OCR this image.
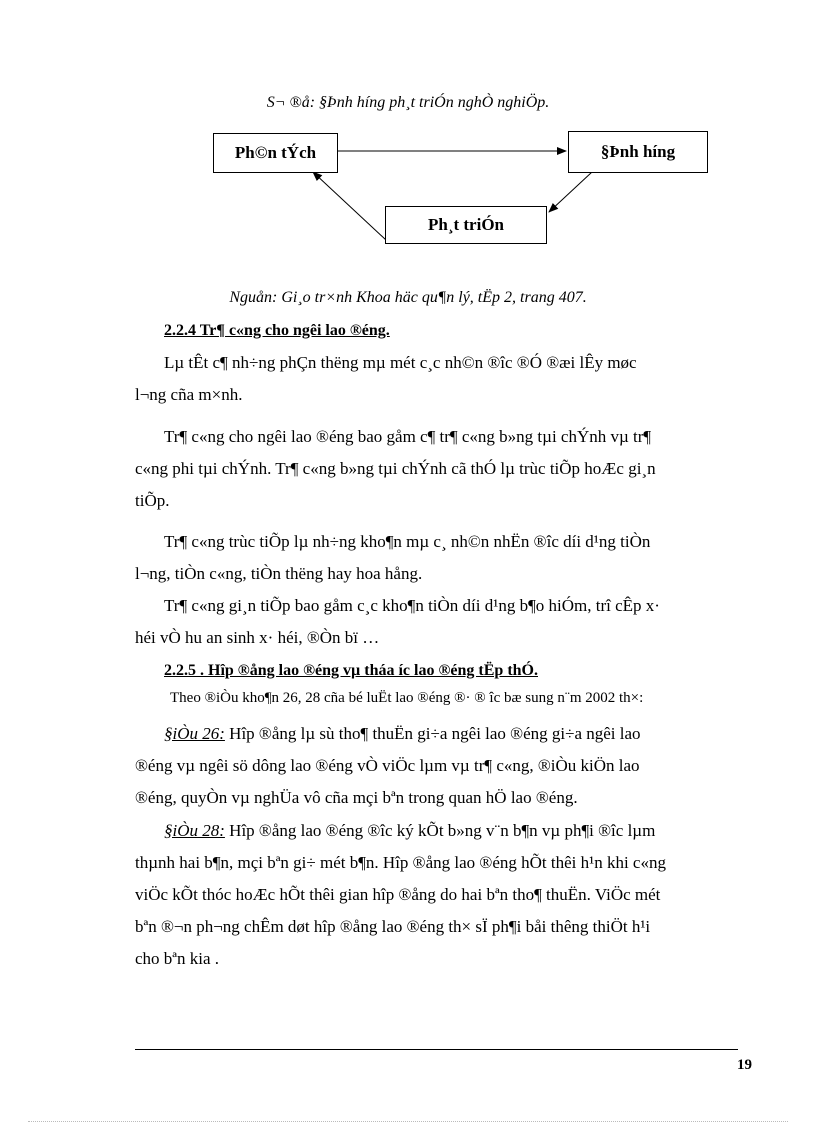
S¬ ®å: §Þnh híng ph¸t triÓn nghÒ nghiÖp.
Ph©n tÝch	§Þnh híng
Ph¸t triÓn
Nguån: Gi¸o tr×nh Khoa häc qu¶n lý, tËp 2, trang 407.
2.2.4 Tr¶ c«ng cho ngêi lao ®éng.
Lµ tÊt c¶ nh÷ng phÇn thëng mµ mét c¸c nh©n ®îc ®Ó ®æi lÊy møc
l¬ng cña m×nh.
Tr¶ c«ng cho ngêi lao ®éng bao gåm c¶ tr¶ c«ng b»ng tµi chÝnh vµ tr¶
c«ng phi tµi chÝnh. Tr¶ c«ng b»ng tµi chÝnh cã thÓ lµ trùc tiÕp hoÆc gi¸n
tiÕp.
Tr¶ c«ng trùc tiÕp lµ nh÷ng kho¶n mµ c¸ nh©n nhËn ®îc díi d¹ng tiÒn
l¬ng, tiÒn c«ng, tiÒn thëng hay hoa hång.
Tr¶ c«ng gi¸n tiÕp bao gåm c¸c kho¶n tiÒn díi d¹ng b¶o hiÓm, trî cÊp x·
héi vÒ hu an sinh x· héi, ®Òn bï …
2.2.5 . Hîp ®ång lao ®éng vµ tháa íc lao ®éng tËp thÓ.
Theo ®iÒu kho¶n 26, 28 cña bé luËt lao ®éng ®· ® îc bæ sung n¨m 2002 th×:
§iÒu 26: Hîp ®ång lµ sù tho¶ thuËn gi÷a ngêi lao ®éng gi÷a ngêi lao
®éng vµ ngêi sö dông lao ®éng vÒ viÖc lµm vµ tr¶ c«ng, ®iÒu kiÖn lao
®éng, quyÒn vµ nghÜa vô cña mçi bªn trong quan hÖ lao ®éng.
§iÒu 28: Hîp ®ång lao ®éng ®îc ký kÕt b»ng v¨n b¶n vµ ph¶i ®îc lµm
thµnh hai b¶n, mçi bªn gi÷ mét b¶n. Hîp ®ång lao ®éng hÕt thêi h¹n khi c«ng
viÖc kÕt thóc hoÆc hÕt thêi gian hîp ®ång do hai bªn tho¶ thuËn. ViÖc mét
bªn ®¬n ph¬ng chÊm døt hîp ®ång lao ®éng th× sÏ ph¶i båi thêng thiÖt h¹i
cho bªn kia .
19
